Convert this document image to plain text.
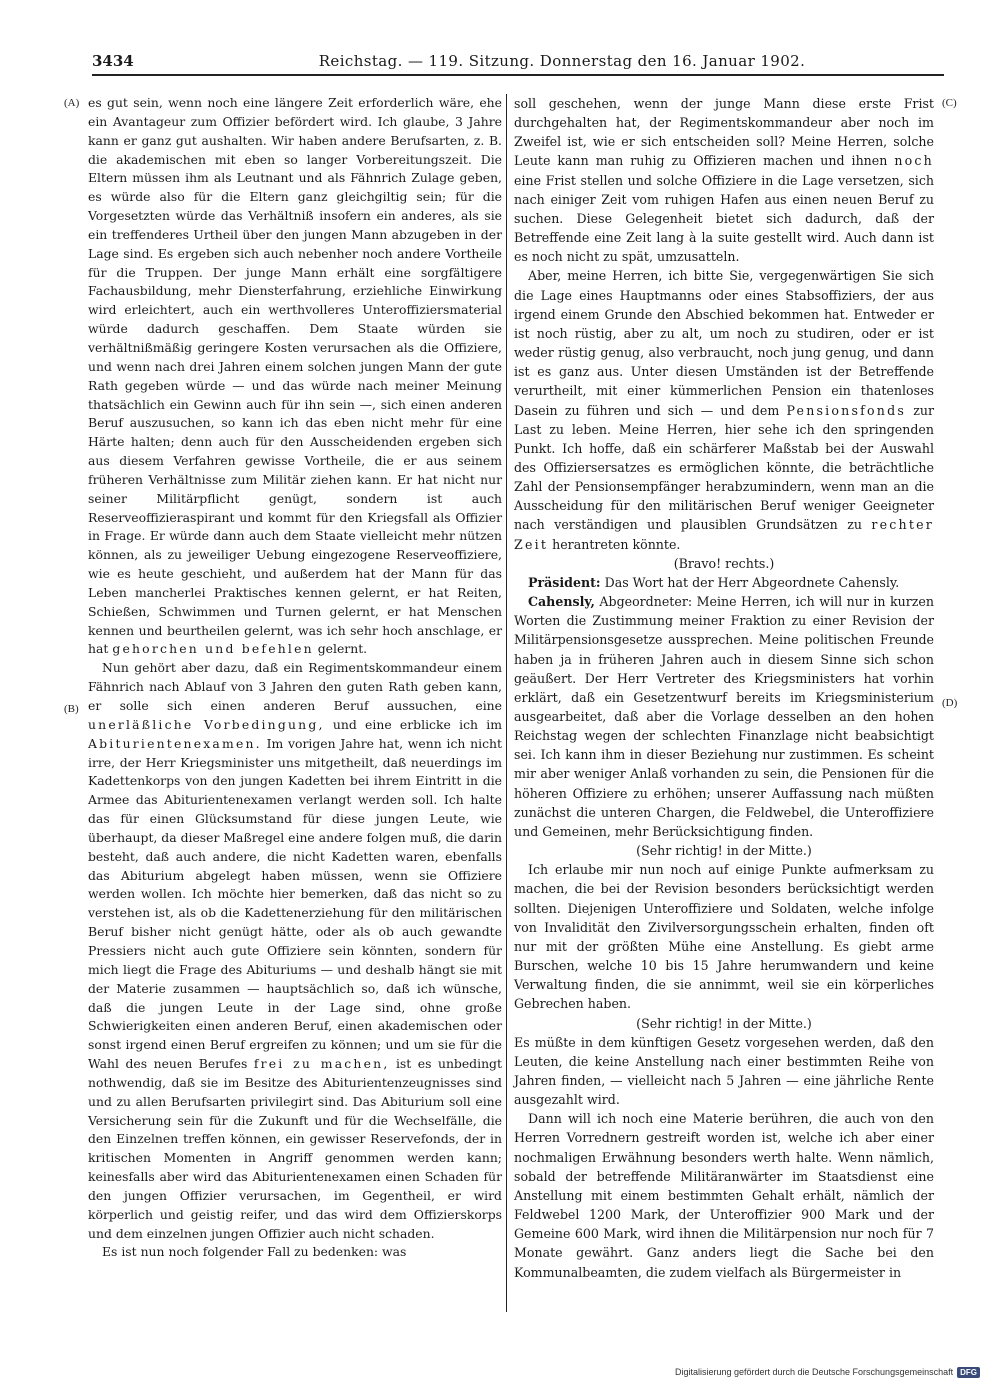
3434	Reichstag. — 119. Sitzung. Donnerstag den 16. Januar 1902.
(A)
(B)
(C)
(D)

es gut sein, wenn noch eine längere Zeit erforderlich wäre, ehe ein Avantageur zum Offizier befördert wird. Ich glaube, 3 Jahre kann er ganz gut aushalten. Wir haben andere Berufsarten, z. B. die akademischen mit eben so langer Vorbereitungszeit. Die Eltern müssen ihm als Leutnant und als Fähnrich Zulage geben, es würde also für die Eltern ganz gleichgiltig sein; für die Vorgesetzten würde das Verhältniß insofern ein anderes, als sie ein treffenderes Urtheil über den jungen Mann abzugeben in der Lage sind. Es ergeben sich auch nebenher noch andere Vortheile für die Truppen. Der junge Mann erhält eine sorgfältigere Fachausbildung, mehr Diensterfahrung, erziehliche Einwirkung wird erleichtert, auch ein werthvolleres Unteroffiziersmaterial würde dadurch geschaffen. Dem Staate würden sie verhältnißmäßig geringere Kosten verursachen als die Offiziere, und wenn nach drei Jahren einem solchen jungen Mann der gute Rath gegeben würde — und das würde nach meiner Meinung thatsächlich ein Gewinn auch für ihn sein —, sich einen anderen Beruf auszusuchen, so kann ich das eben nicht mehr für eine Härte halten; denn auch für den Ausscheidenden ergeben sich aus diesem Verfahren gewisse Vortheile, die er aus seinem früheren Verhältnisse zum Militär ziehen kann. Er hat nicht nur seiner Militärpflicht genügt, sondern ist auch Reserveoffizieraspirant und kommt für den Kriegsfall als Offizier in Frage. Er würde dann auch dem Staate vielleicht mehr nützen können, als zu jeweiliger Uebung eingezogene Reserveoffiziere, wie es heute geschieht, und außerdem hat der Mann für das Leben mancherlei Praktisches kennen gelernt, er hat Reiten, Schießen, Schwimmen und Turnen gelernt, er hat Menschen kennen und beurtheilen gelernt, was ich sehr hoch anschlage, er hat gehorchen und befehlen gelernt.

Nun gehört aber dazu, daß ein Regimentskommandeur einem Fähnrich nach Ablauf von 3 Jahren den guten Rath geben kann, er solle sich einen anderen Beruf aussuchen, eine unerläßliche Vorbedingung, und eine erblicke ich im Abiturientenexamen. Im vorigen Jahre hat, wenn ich nicht irre, der Herr Kriegsminister uns mitgetheilt, daß neuerdings im Kadettenkorps von den jungen Kadetten bei ihrem Eintritt in die Armee das Abiturientenexamen verlangt werden soll. Ich halte das für einen Glücksumstand für diese jungen Leute, wie überhaupt, da dieser Maßregel eine andere folgen muß, die darin besteht, daß auch andere, die nicht Kadetten waren, ebenfalls das Abiturium abgelegt haben müssen, wenn sie Offiziere werden wollen. Ich möchte hier bemerken, daß das nicht so zu verstehen ist, als ob die Kadettenerziehung für den militärischen Beruf bisher nicht genügt hätte, oder als ob auch gewandte Pressiers nicht auch gute Offiziere sein könnten, sondern für mich liegt die Frage des Abituriums — und deshalb hängt sie mit der Materie zusammen — hauptsächlich so, daß ich wünsche, daß die jungen Leute in der Lage sind, ohne große Schwierigkeiten einen anderen Beruf, einen akademischen oder sonst irgend einen Beruf ergreifen zu können; und um sie für die Wahl des neuen Berufes frei zu machen, ist es unbedingt nothwendig, daß sie im Besitze des Abiturientenzeugnisses sind und zu allen Berufsarten privilegirt sind. Das Abiturium soll eine Versicherung sein für die Zukunft und für die Wechselfälle, die den Einzelnen treffen können, ein gewisser Reservefonds, der in kritischen Momenten in Angriff genommen werden kann; keinesfalls aber wird das Abiturientenexamen einen Schaden für den jungen Offizier verursachen, im Gegentheil, er wird körperlich und geistig reifer, und das wird dem Offizierskorps und dem einzelnen jungen Offizier auch nicht schaden.

Es ist nun noch folgender Fall zu bedenken: was

soll geschehen, wenn der junge Mann diese erste Frist durchgehalten hat, der Regimentskommandeur aber noch im Zweifel ist, wie er sich entscheiden soll? Meine Herren, solche Leute kann man ruhig zu Offizieren machen und ihnen noch eine Frist stellen und solche Offiziere in die Lage versetzen, sich nach einiger Zeit vom ruhigen Hafen aus einen neuen Beruf zu suchen. Diese Gelegenheit bietet sich dadurch, daß der Betreffende eine Zeit lang à la suite gestellt wird. Auch dann ist es noch nicht zu spät, umzusatteln.

Aber, meine Herren, ich bitte Sie, vergegenwärtigen Sie sich die Lage eines Hauptmanns oder eines Stabsoffiziers, der aus irgend einem Grunde den Abschied bekommen hat. Entweder er ist noch rüstig, aber zu alt, um noch zu studiren, oder er ist weder rüstig genug, also verbraucht, noch jung genug, und dann ist es ganz aus. Unter diesen Umständen ist der Betreffende verurtheilt, mit einer kümmerlichen Pension ein thatenloses Dasein zu führen und sich — und dem Pensionsfonds zur Last zu leben. Meine Herren, hier sehe ich den springenden Punkt. Ich hoffe, daß ein schärferer Maßstab bei der Auswahl des Offiziersersatzes es ermöglichen könnte, die beträchtliche Zahl der Pensionsempfänger herabzumindern, wenn man an die Ausscheidung für den militärischen Beruf weniger Geeigneter nach verständigen und plausiblen Grundsätzen zu rechter Zeit herantreten könnte.

(Bravo! rechts.)

Präsident: Das Wort hat der Herr Abgeordnete Cahensly.

Cahensly, Abgeordneter: Meine Herren, ich will nur in kurzen Worten die Zustimmung meiner Fraktion zu einer Revision der Militärpensionsgesetze aussprechen. Meine politischen Freunde haben ja in früheren Jahren auch in diesem Sinne sich schon geäußert. Der Herr Vertreter des Kriegsministers hat vorhin erklärt, daß ein Gesetzentwurf bereits im Kriegsministerium ausgearbeitet, daß aber die Vorlage desselben an den hohen Reichstag wegen der schlechten Finanzlage nicht beabsichtigt sei. Ich kann ihm in dieser Beziehung nur zustimmen. Es scheint mir aber weniger Anlaß vorhanden zu sein, die Pensionen für die höheren Offiziere zu erhöhen; unserer Auffassung nach müßten zunächst die unteren Chargen, die Feldwebel, die Unteroffiziere und Gemeinen, mehr Berücksichtigung finden.

(Sehr richtig! in der Mitte.)

Ich erlaube mir nun noch auf einige Punkte aufmerksam zu machen, die bei der Revision besonders berücksichtigt werden sollten. Diejenigen Unteroffiziere und Soldaten, welche infolge von Invalidität den Zivilversorgungsschein erhalten, finden oft nur mit der größten Mühe eine Anstellung. Es giebt arme Burschen, welche 10 bis 15 Jahre herumwandern und keine Verwaltung finden, die sie annimmt, weil sie ein körperliches Gebrechen haben.

(Sehr richtig! in der Mitte.)

Es müßte in dem künftigen Gesetz vorgesehen werden, daß den Leuten, die keine Anstellung nach einer bestimmten Reihe von Jahren finden, — vielleicht nach 5 Jahren — eine jährliche Rente ausgezahlt wird.

Dann will ich noch eine Materie berühren, die auch von den Herren Vorrednern gestreift worden ist, welche ich aber einer nochmaligen Erwähnung besonders werth halte. Wenn nämlich, sobald der betreffende Militäranwärter im Staatsdienst eine Anstellung mit einem bestimmten Gehalt erhält, nämlich der Feldwebel 1200 Mark, der Unteroffizier 900 Mark und der Gemeine 600 Mark, wird ihnen die Militärpension nur noch für 7 Monate gewährt. Ganz anders liegt die Sache bei den Kommunalbeamten, die zudem vielfach als Bürgermeister in

Digitalisierung gefördert durch die Deutsche Forschungsgemeinschaft DFG
